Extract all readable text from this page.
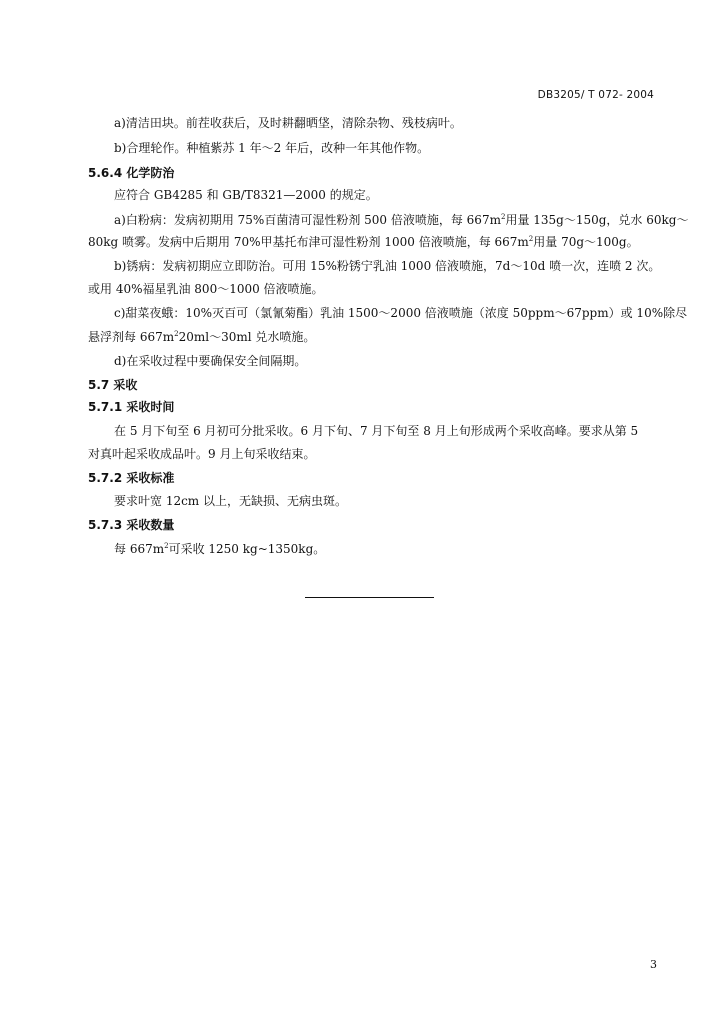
DB3205/ T 072- 2004
a)清洁田块。前茬收获后，及时耕翻晒垡，清除杂物、残枝病叶。
b)合理轮作。种植紫苏 1 年～2 年后，改种一年其他作物。
5.6.4 化学防治
应符合 GB4285 和 GB/T8321—2000 的规定。
a)白粉病：发病初期用 75%百菌清可湿性粉剂 500 倍液喷施，每 $667m^2$用量 135g～150g，兑水 60kg～
80kg 喷雾。发病中后期用 70%甲基托布津可湿性粉剂 1000 倍液喷施，每 $667m^2$用量 70g～100g。
b)锈病：发病初期应立即防治。可用 15%粉锈宁乳油 1000 倍液喷施，7d～10d 喷一次，连喷 2 次。
或用 40%福星乳油 800～1000 倍液喷施。
c)甜菜夜蛾：10%灭百可（氯氰菊酯）乳油 1500～2000 倍液喷施（浓度 50ppm～67ppm）或 10%除尽
悬浮剂每 $667m^220ml\sim 30ml$ 兑水喷施。
d)在采收过程中要确保安全间隔期。
5.7 采收
5.7.1 采收时间
在 5 月下旬至 6 月初可分批采收。6 月下旬、7 月下旬至 8 月上旬形成两个采收高峰。要求从第 5
对真叶起采收成品叶。9 月上旬采收结束。
5.7.2 采收标准
要求叶宽 12cm 以上，无缺损、无病虫斑。
5.7.3 采收数量
每 $667m^2$可采收 1250 kg~1350kg。
3
